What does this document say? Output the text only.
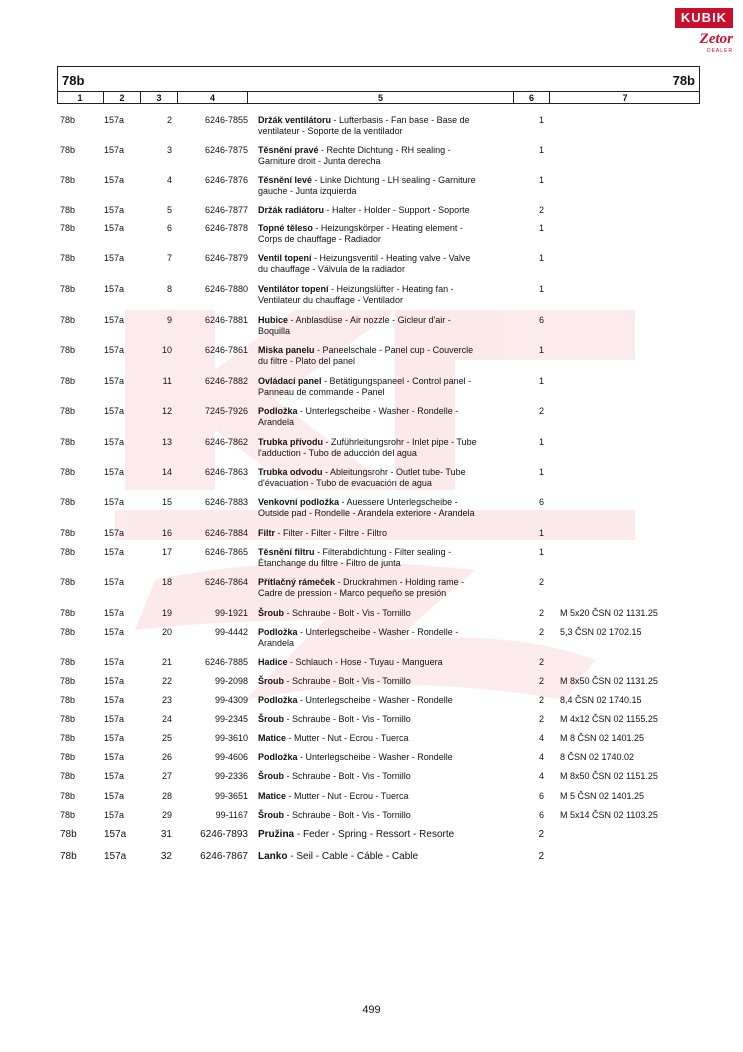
KUBIK
Zetor
DEALER
78b	78b
1	2	3	4	5	6	7
78b	157a	2	6246-7855 Držák ventilátoru - Lufterbasis - Fan base - Base de
ventilateur - Soporte de la ventilador
1
78b	157a	3	6246-7875 Těsnění pravé - Rechte Dichtung - RH sealing -
Garniture droit - Junta derecha
1
78b	157a	4	6246-7876 Těsnění levé - Linke Dichtung - LH sealing - Garniture
gauche - Junta izquierda
1
78b	157a	5	6246-7877 Držák radiátoru - Halter - Holder - Support - Soporte	2
78b	157a	6	6246-7878 Topné těleso - Heizungskörper - Heating element -
Corps de chauffage - Radiador
1
78b	157a	7	6246-7879 Ventil topení - Heizungsventil - Heating valve - Valve
du chauffage - Válvula de la radiador
1
78b	157a	8	6246-7880 Ventilátor topení - Heizungslüfter - Heating fan -
Ventilateur du chauffage - Ventilador
1
78b	157a	9	6246-7881 Hubice - Anblasdüse - Air nozzle - Gicleur d'air -
Boquilla
6
78b	157a	10	6246-7861 Miska panelu - Paneelschale - Panel cup - Couvercle
du filtre - Plato del panel
1
78b	157a	11	6246-7882 Ovládací panel - Betätigungspaneel - Control panel -
Panneau de commande - Panel
1
78b	157a	12	7245-7926 Podložka - Unterlegscheibe - Washer - Rondelle -
Arandela
2
78b	157a	13	6246-7862 Trubka přívodu - Zuführleitungsrohr - Inlet pipe - Tube
l'adduction - Tubo de aducción del agua
1
78b	157a	14	6246-7863 Trubka odvodu - Ableitungsrohr - Outlet tube- Tube
d'évacuation - Tubo de evacuación de agua
1
78b	157a	15	6246-7883 Venkovní podložka - Auessere Unterlegscheibe -
Outside pad - Rondelle - Arandela exteriore - Arandela
6
78b	157a	16	6246-7884 Filtr - Filter - Filter - Filtre - Filtro	1
78b	157a	17	6246-7865 Těsnění filtru - Filterabdichtung - Filter sealing -
Étanchange du filtre - Filtro de junta
1
78b	157a	18	6246-7864 Přítlačný rámeček - Druckrahmen - Holding rame -
Cadre de pression - Marco pequeño se presión
2
78b	157a	19	99-1921 Šroub - Schraube - Bolt - Vis - Tornillo	2 M 5x20 ČSN 02 1131.25
78b	157a	20	99-4442 Podložka - Unterlegscheibe - Washer - Rondelle -
Arandela
2 5,3 ČSN 02 1702.15
78b	157a	21	6246-7885 Hadice - Schlauch - Hose - Tuyau - Manguera	2
78b	157a	22	99-2098 Šroub - Schraube - Bolt - Vis - Tornillo	2 M 8x50 ČSN 02 1131.25
78b	157a	23	99-4309 Podložka - Unterlegscheibe - Washer - Rondelle	2 8,4 ČSN 02 1740.15
78b	157a	24	99-2345 Šroub - Schraube - Bolt - Vis - Tornillo	2 M 4x12 ČSN 02 1155.25
78b	157a	25	99-3610 Matice - Mutter - Nut - Ecrou - Tuerca	4 M 8 ČSN 02 1401.25
78b	157a	26	99-4606 Podložka - Unterlegscheibe - Washer - Rondelle	4 8 ČSN 02 1740.02
78b	157a	27	99-2336 Šroub - Schraube - Bolt - Vis - Tornillo	4 M 8x50 ČSN 02 1151.25
78b	157a	28	99-3651 Matice - Mutter - Nut - Ecrou - Tuerca	6 M 5 ČSN 02 1401.25
78b	157a	29	99-1167 Šroub - Schraube - Bolt - Vis - Tornillo	6 M 5x14 ČSN 02 1103.25
78b	157a	31	6246-7893 Pružina - Feder - Spring - Ressort - Resorte	2
78b	157a	32	6246-7867 Lanko - Seil - Cable - Cáble - Cable	2
499
